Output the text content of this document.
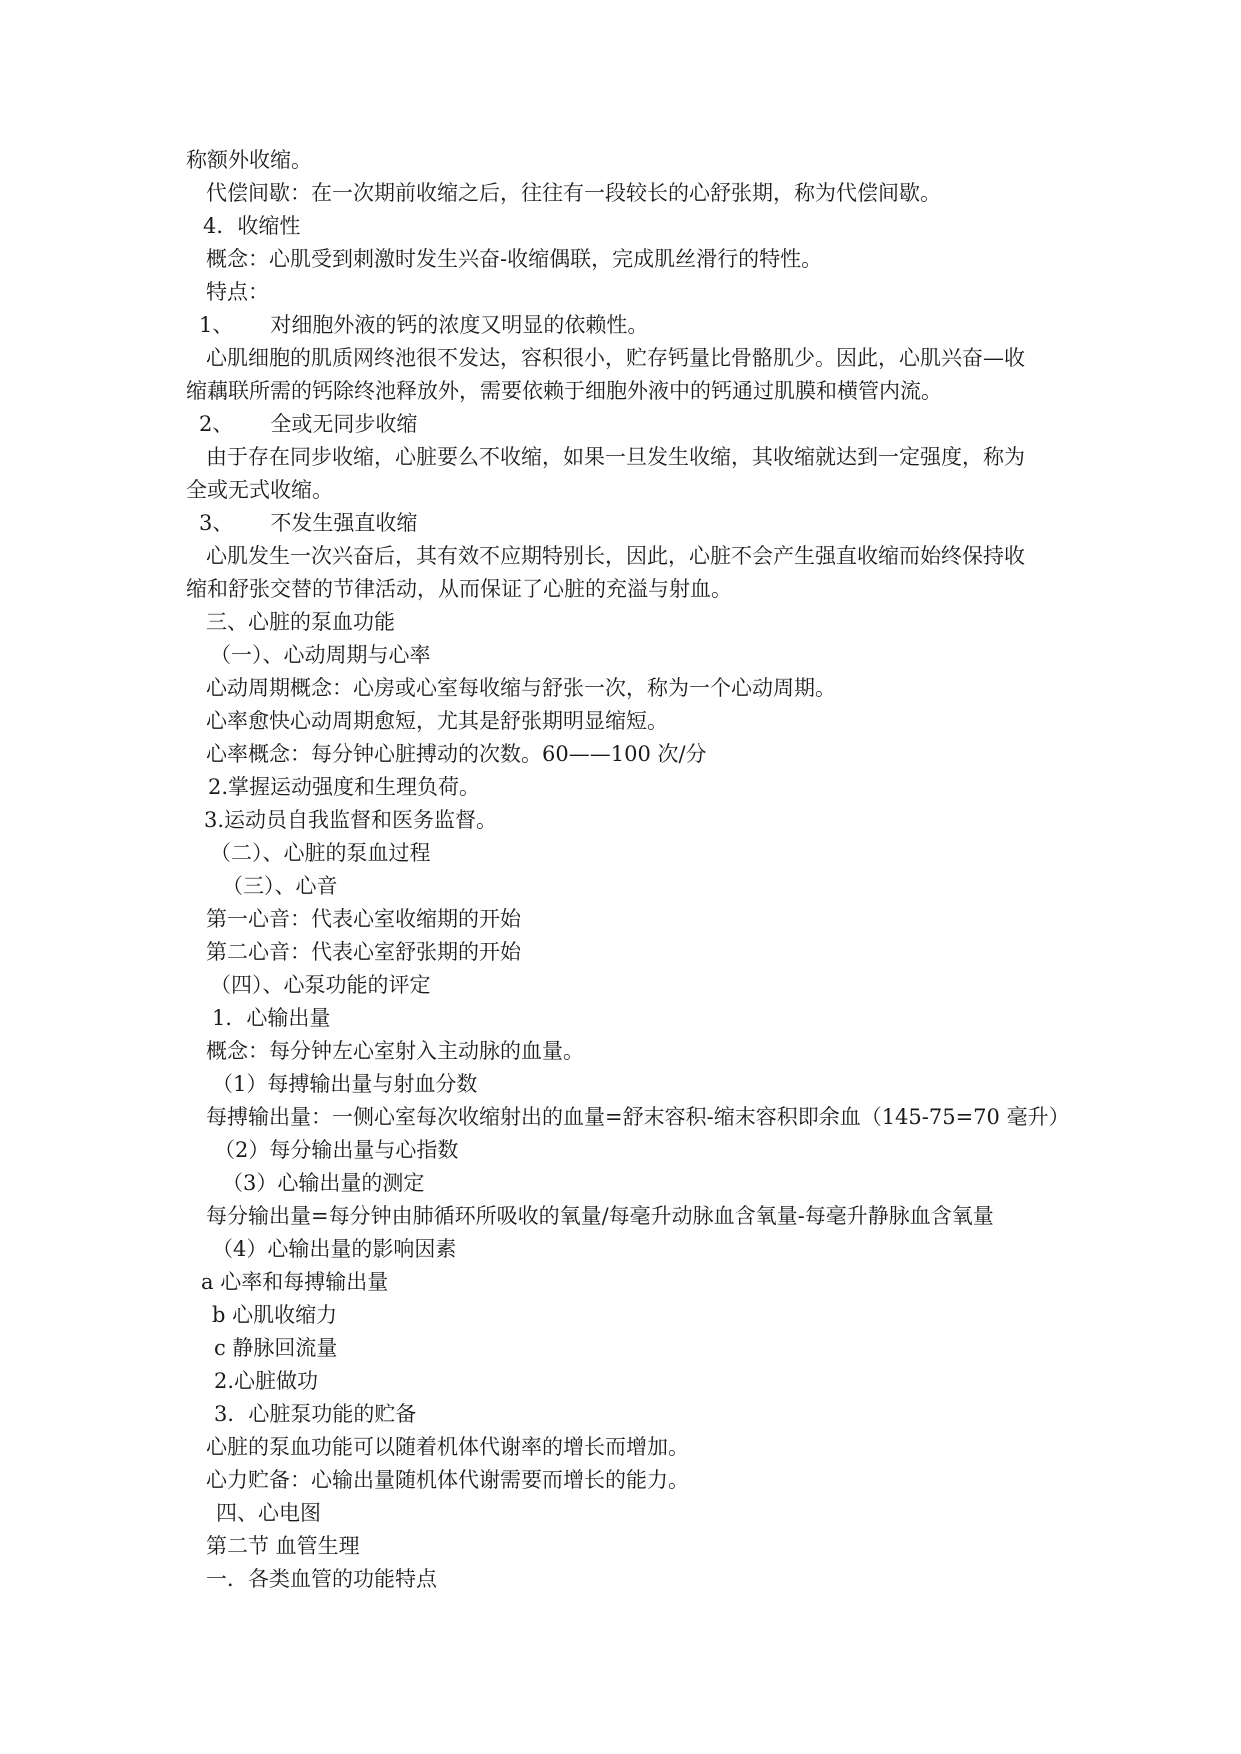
称额外收缩。
代偿间歇：在一次期前收缩之后，往往有一段较长的心舒张期，称为代偿间歇。
4．收缩性
概念：心肌受到刺激时发生兴奋-收缩偶联，完成肌丝滑行的特性。
特点：
1、 对细胞外液的钙的浓度又明显的依赖性。
心肌细胞的肌质网终池很不发达，容积很小，贮存钙量比骨骼肌少。因此，心肌兴奋—收
缩藕联所需的钙除终池释放外，需要依赖于细胞外液中的钙通过肌膜和横管内流。
2、 全或无同步收缩
由于存在同步收缩，心脏要么不收缩，如果一旦发生收缩，其收缩就达到一定强度，称为
全或无式收缩。
3、 不发生强直收缩
心肌发生一次兴奋后，其有效不应期特别长，因此，心脏不会产生强直收缩而始终保持收
缩和舒张交替的节律活动，从而保证了心脏的充溢与射血。
三、心脏的泵血功能
（一）、心动周期与心率
心动周期概念：心房或心室每收缩与舒张一次，称为一个心动周期。
心率愈快心动周期愈短，尤其是舒张期明显缩短。
心率概念：每分钟心脏搏动的次数。60——100 次/分
2.掌握运动强度和生理负荷。
3.运动员自我监督和医务监督。
（二）、心脏的泵血过程
（三）、心音
第一心音：代表心室收缩期的开始
第二心音：代表心室舒张期的开始
（四）、心泵功能的评定
1．心输出量
概念：每分钟左心室射入主动脉的血量。
（1）每搏输出量与射血分数
每搏输出量：一侧心室每次收缩射出的血量=舒末容积-缩末容积即余血（145-75=70 毫升）
（2）每分输出量与心指数
（3）心输出量的测定
每分输出量=每分钟由肺循环所吸收的氧量/每毫升动脉血含氧量-每毫升静脉血含氧量
（4）心输出量的影响因素
a 心率和每搏输出量
b 心肌收缩力
c 静脉回流量
2.心脏做功
3．心脏泵功能的贮备
心脏的泵血功能可以随着机体代谢率的增长而增加。
心力贮备：心输出量随机体代谢需要而增长的能力。
四、心电图
第二节 血管生理
一．各类血管的功能特点
